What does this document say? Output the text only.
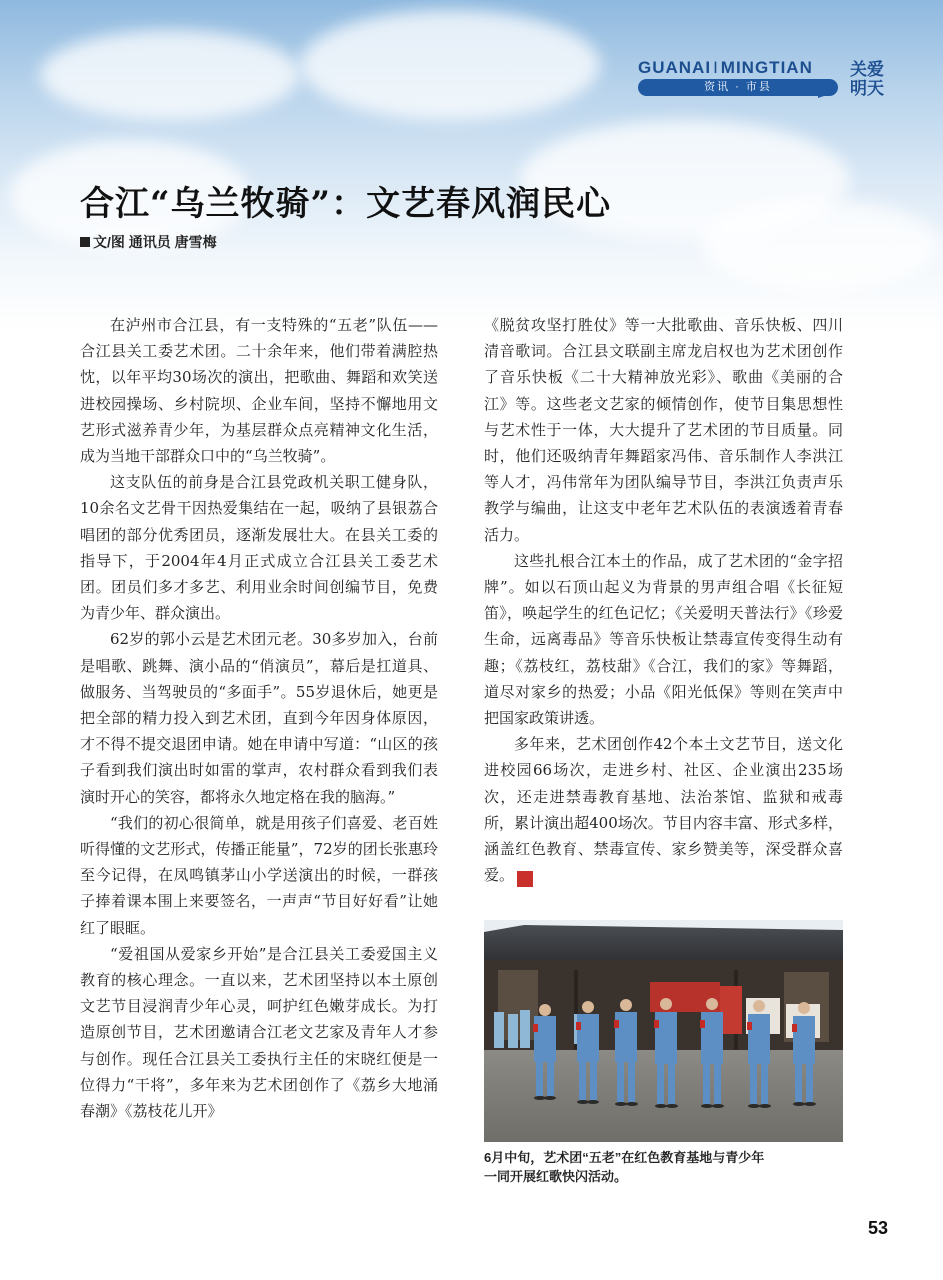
GUANAI I MINGTIAN
资讯 · 市县
关爱
明天
合江“乌兰牧骑”：文艺春风润民心
文/图 通讯员 唐雪梅

在泸州市合江县，有一支特殊的“五老”队伍——合江县关工委艺术团。二十余年来，他们带着满腔热忱，以年平均30场次的演出，把歌曲、舞蹈和欢笑送进校园操场、乡村院坝、企业车间，坚持不懈地用文艺形式滋养青少年，为基层群众点亮精神文化生活，成为当地干部群众口中的“乌兰牧骑”。

这支队伍的前身是合江县党政机关职工健身队，10余名文艺骨干因热爱集结在一起，吸纳了县银荔合唱团的部分优秀团员，逐渐发展壮大。在县关工委的指导下，于2004年4月正式成立合江县关工委艺术团。团员们多才多艺、利用业余时间创编节目，免费为青少年、群众演出。

62岁的郭小云是艺术团元老。30多岁加入，台前是唱歌、跳舞、演小品的“俏演员”，幕后是扛道具、做服务、当驾驶员的“多面手”。55岁退休后，她更是把全部的精力投入到艺术团，直到今年因身体原因，才不得不提交退团申请。她在申请中写道：“山区的孩子看到我们演出时如雷的掌声，农村群众看到我们表演时开心的笑容，都将永久地定格在我的脑海。”

“我们的初心很简单，就是用孩子们喜爱、老百姓听得懂的文艺形式，传播正能量”，72岁的团长张惠玲至今记得，在凤鸣镇茅山小学送演出的时候，一群孩子捧着课本围上来要签名，一声声“节目好好看”让她红了眼眶。

“爱祖国从爱家乡开始”是合江县关工委爱国主义教育的核心理念。一直以来，艺术团坚持以本土原创文艺节目浸润青少年心灵，呵护红色嫩芽成长。为打造原创节目，艺术团邀请合江老文艺家及青年人才参与创作。现任合江县关工委执行主任的宋晓红便是一位得力“干将”，多年来为艺术团创作了《荔乡大地涌春潮》《荔枝花儿开》

《脱贫攻坚打胜仗》等一大批歌曲、音乐快板、四川清音歌词。合江县文联副主席龙启权也为艺术团创作了音乐快板《二十大精神放光彩》、歌曲《美丽的合江》等。这些老文艺家的倾情创作，使节目集思想性与艺术性于一体，大大提升了艺术团的节目质量。同时，他们还吸纳青年舞蹈家冯伟、音乐制作人李洪江等人才，冯伟常年为团队编导节目，李洪江负责声乐教学与编曲，让这支中老年艺术队伍的表演透着青春活力。

这些扎根合江本土的作品，成了艺术团的“金字招牌”。如以石顶山起义为背景的男声组合唱《长征短笛》，唤起学生的红色记忆；《关爱明天普法行》《珍爱生命，远离毒品》等音乐快板让禁毒宣传变得生动有趣；《荔枝红，荔枝甜》《合江，我们的家》等舞蹈，道尽对家乡的热爱；小品《阳光低保》等则在笑声中把国家政策讲透。

多年来，艺术团创作42个本土文艺节目，送文化进校园66场次，走进乡村、社区、企业演出235场次，还走进禁毒教育基地、法治茶馆、监狱和戒毒所，累计演出超400场次。节目内容丰富、形式多样，涵盖红色教育、禁毒宣传、家乡赞美等，深受群众喜爱。	关

6月中旬，艺术团“五老”在红色教育基地与青少年
一同开展红歌快闪活动。
53
